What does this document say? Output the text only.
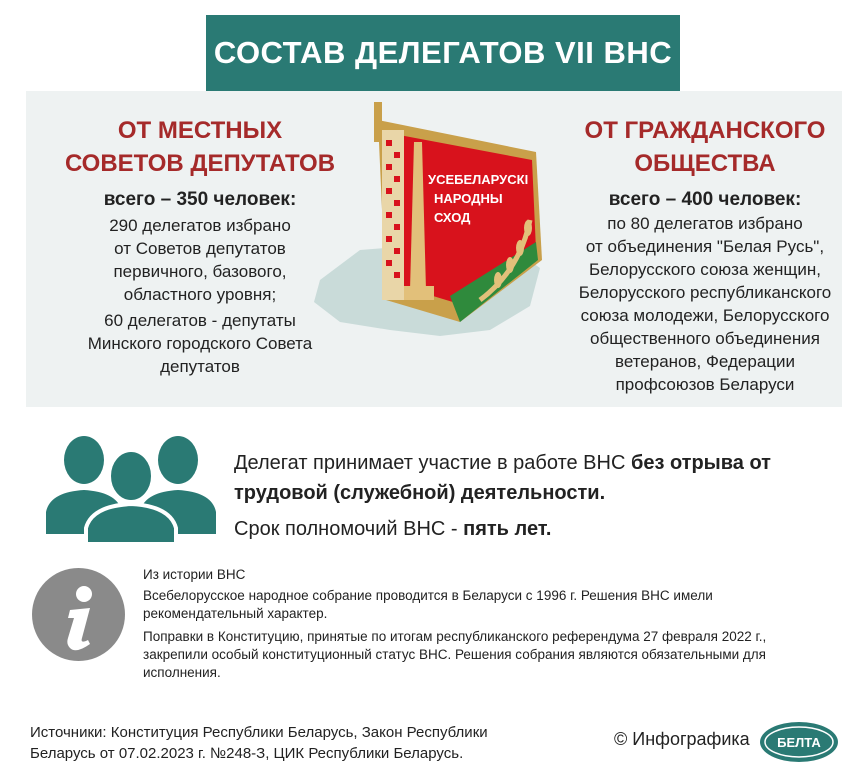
СОСТАВ ДЕЛЕГАТОВ VII ВНС
УСЕБЕЛАРУСКІ
НАРОДНЫ
СХОД
ОТ МЕСТНЫХ
СОВЕТОВ ДЕПУТАТОВ
всего – 350 человек:
290 делегатов избрано
от Советов депутатов
первичного, базового,
областного уровня;
60 делегатов - депутаты
Минского городского Совета
депутатов
ОТ ГРАЖДАНСКОГО
ОБЩЕСТВА
всего – 400 человек:
по 80 делегатов избрано
от объединения "Белая Русь",
Белорусского союза женщин,
Белорусского республиканского
союза молодежи, Белорусского
общественного объединения
ветеранов, Федерации
профсоюзов Беларуси
Делегат принимает участие в работе ВНС без отрыва от трудовой (служебной) деятельности.
Срок полномочий ВНС - пять лет.
Из истории ВНС
Всебелорусское народное собрание проводится в Беларуси с 1996 г. Решения ВНС имели
рекомендательный характер.
Поправки в Конституцию, принятые по итогам республиканского референдума 27 февраля 2022 г.,
закрепили особый конституционный статус ВНС. Решения собрания являются обязательными для
исполнения.
Источники: Конституция Республики Беларусь, Закон Республики
Беларусь от 07.02.2023 г. №248-З, ЦИК Республики Беларусь.
© Инфографика БЕЛТА
